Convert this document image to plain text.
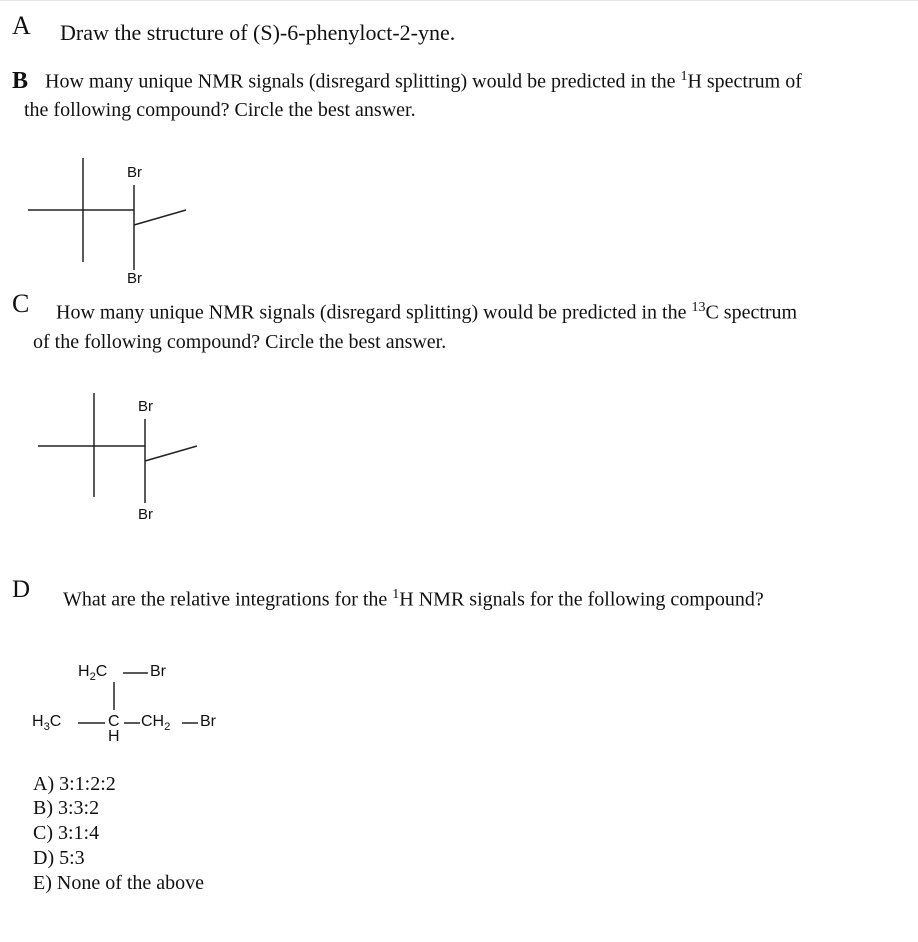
A Draw the structure of (S)-6-phenyloct-2-yne.
B How many unique NMR signals (disregard splitting) would be predicted in the $^1$H spectrum of
the following compound? Circle the best answer.
Br
Br
C How many unique NMR signals (disregard splitting) would be predicted in the $^{13}$C spectrum
of the following compound? Circle the best answer.
Br
Br
D What are the relative integrations for the $^1$H NMR signals for the following compound?
$H_2C$	Br
$H_3C$	C
H
$CH_2$ Br
A) 3:1:2:2
B) 3:3:2
C) 3:1:4
D) 5:3
E) None of the above
